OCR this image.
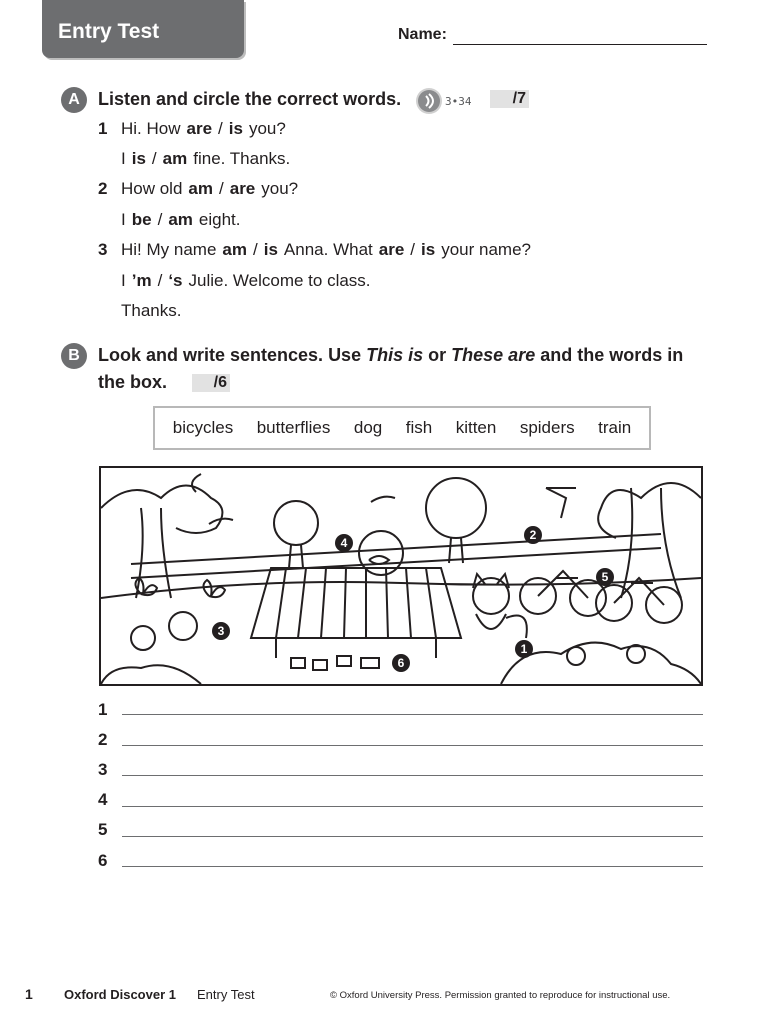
Entry Test	Name:
A	Listen and circle the correct words.	3•34	/7
1 Hi. How are / is you?
I is / am fine. Thanks.
2 How old am / are you?
I be / am eight.
3 Hi! My name am / is Anna. What are / is your name?
I ’m / ‘s Julie. Welcome to class.
Thanks.
B	Look and write sentences. Use This is or These are and the words in
the box.	/6
bicycles butterflies dog fish kitten spiders train
1
2
3
4
5
6
1
2
3
4
5
6
1 Oxford Discover 1 Entry Test	© Oxford University Press. Permission granted to reproduce for instructional use.
